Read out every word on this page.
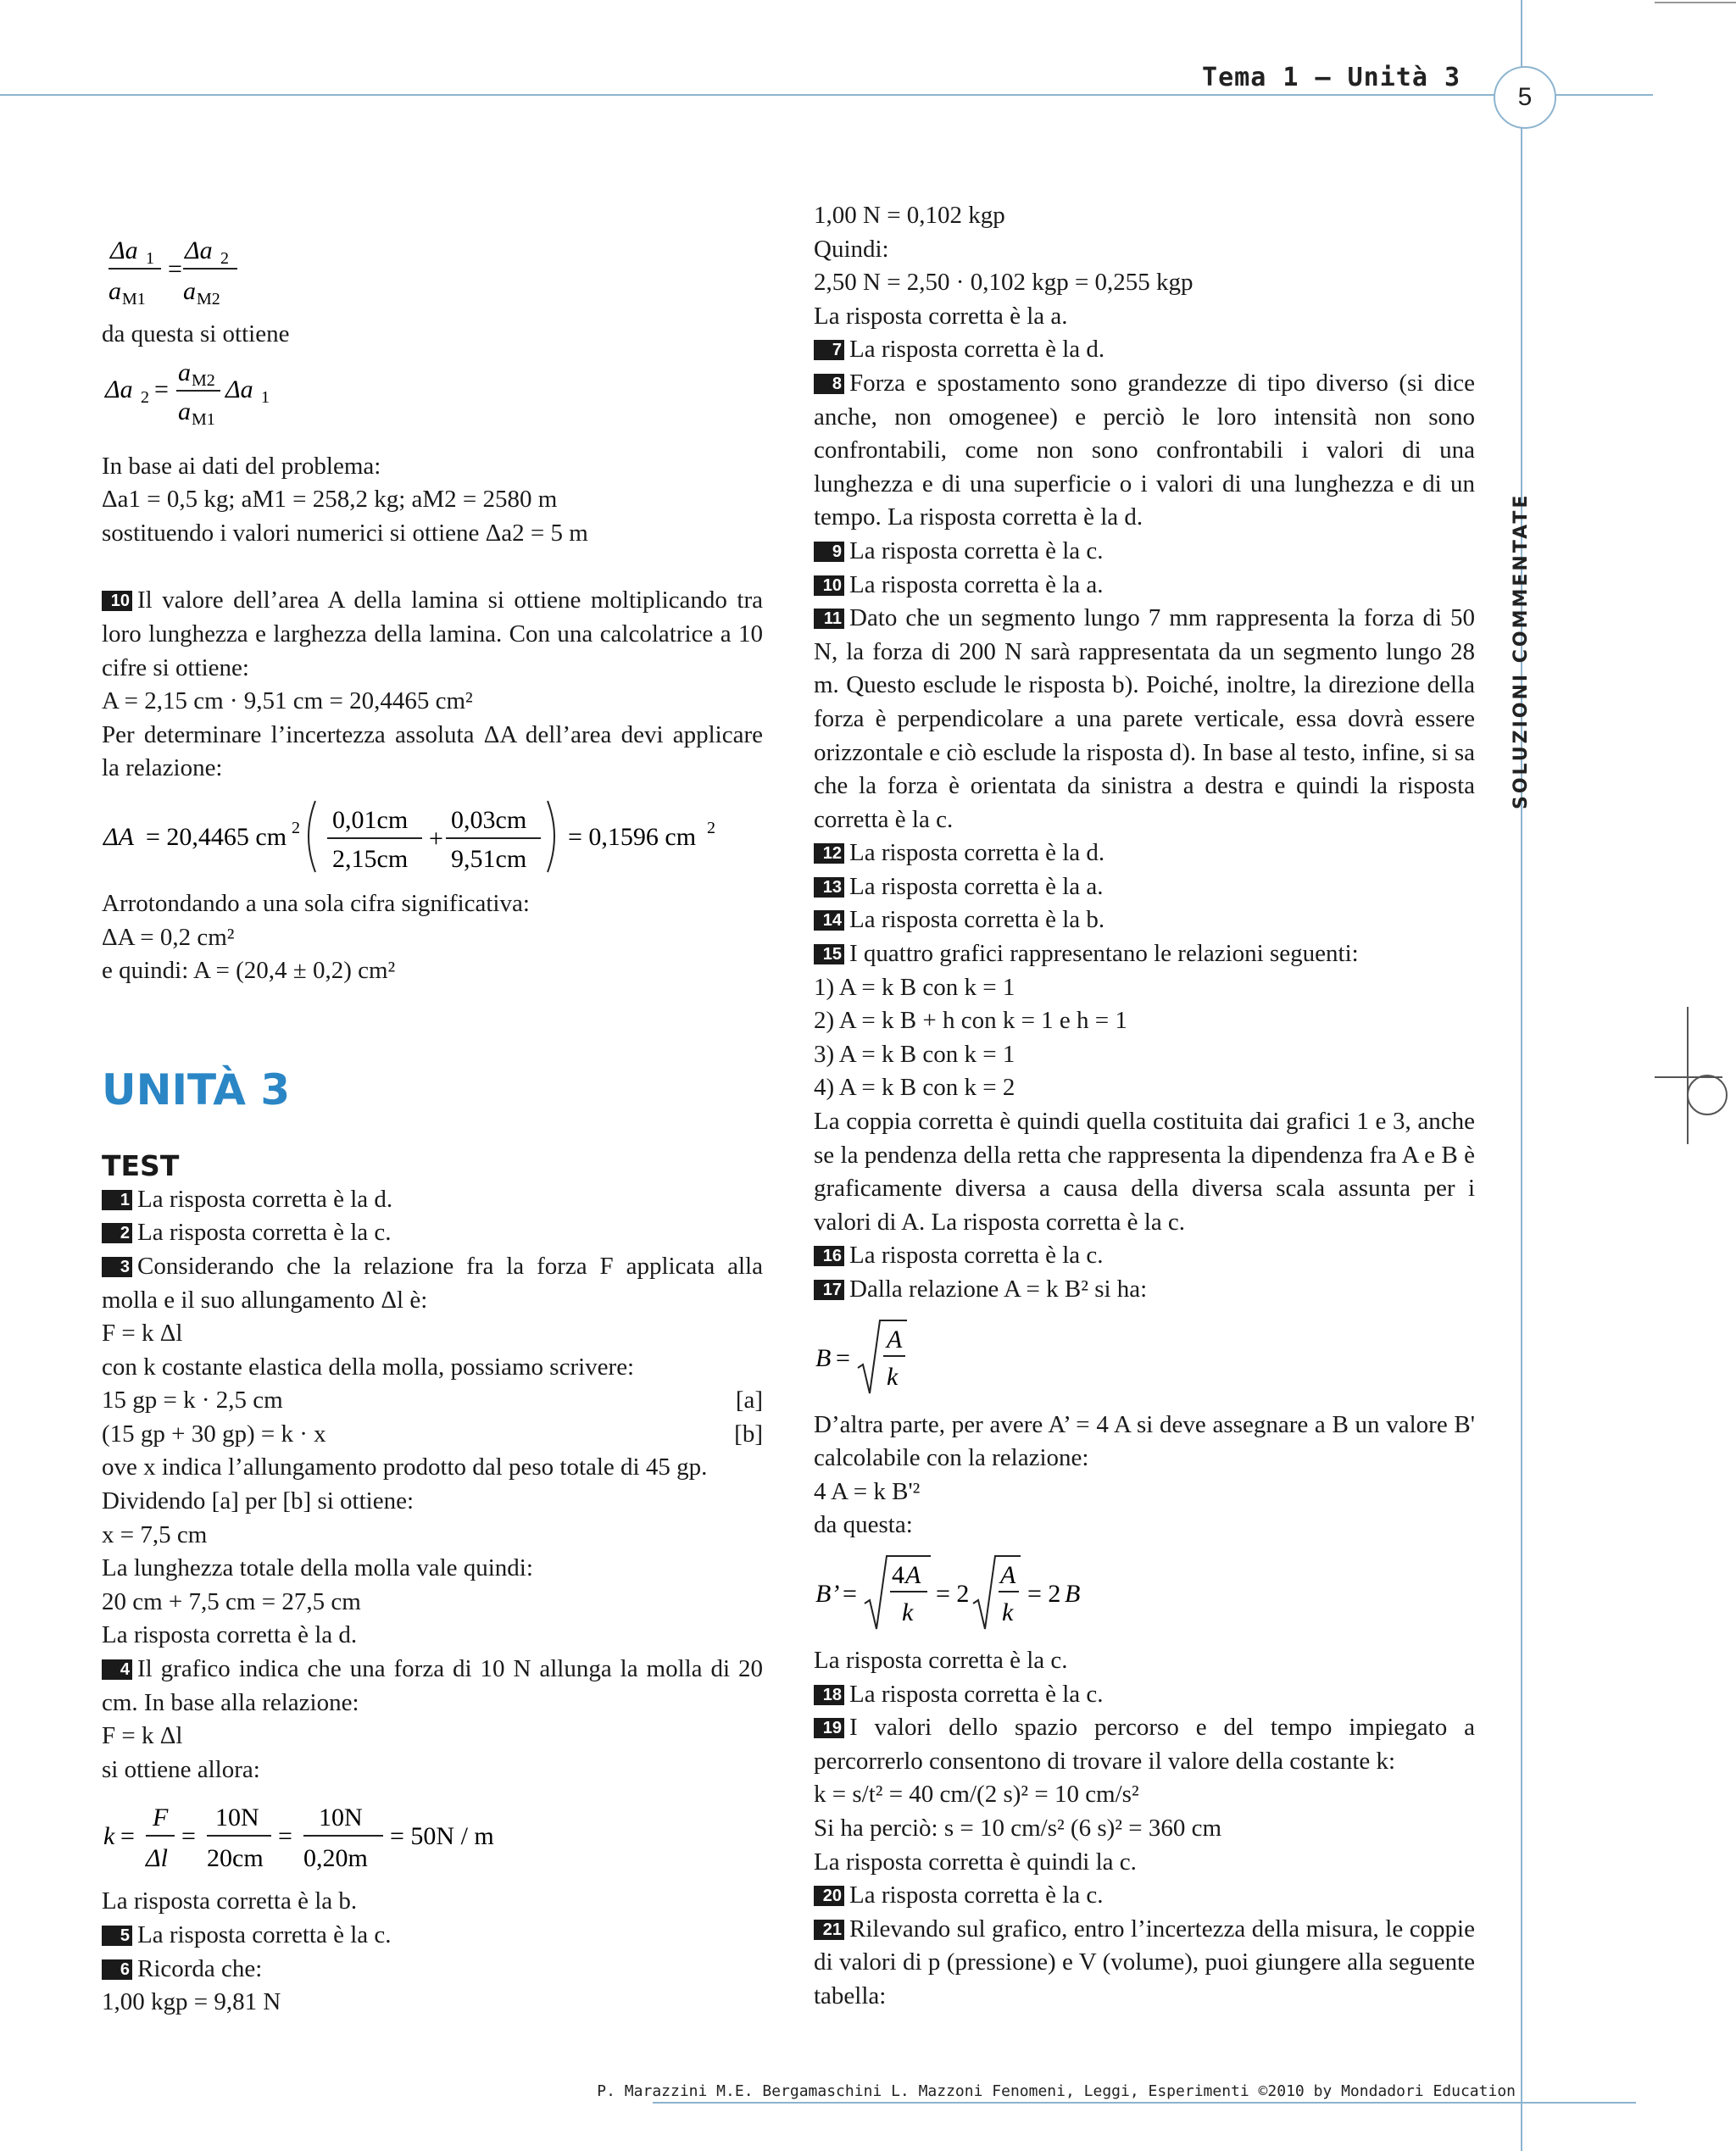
Tema 1 – Unità 3
5
SOLUZIONI COMMENTATE
Δa 1
a M1
=
Δa 2
a M2

da questa si ottiene

Δa 2 =
a M2
a M1
Δa 1

In base ai dati del problema:

Δa1 = 0,5 kg; aM1 = 258,2 kg; aM2 = 2580 m

sostituendo i valori numerici si ottiene Δa2 = 5 m

10 Il valore dell’area A della lamina si ottiene moltiplicando tra loro lunghezza e larghezza della lamina. Con una calcolatrice a 10 cifre si ottiene:

A = 2,15 cm · 9,51 cm = 20,4465 cm²

Per determinare l’incertezza assoluta ΔA dell’area devi applicare la relazione:

ΔA = 20,4465 cm 2 0,01cm
2,15cm
+
0,03cm
9,51cm
= 0,1596 cm 2

Arrotondando a una sola cifra significativa:

ΔA = 0,2 cm²

e quindi: A = (20,4 ± 0,2) cm²

UNITÀ 3
TEST

1 La risposta corretta è la d.

2 La risposta corretta è la c.

3 Considerando che la relazione fra la forza F applicata alla molla e il suo allungamento Δl è:

F = k Δl

con k costante elastica della molla, possiamo scrivere:

15 gp = k · 2,5 cm	[a]
(15 gp + 30 gp) = k · x	[b]

ove x indica l’allungamento prodotto dal peso totale di 45 gp.

Dividendo [a] per [b] si ottiene:

x = 7,5 cm

La lunghezza totale della molla vale quindi:

20 cm + 7,5 cm = 27,5 cm

La risposta corretta è la d.

4 Il grafico indica che una forza di 10 N allunga la molla di 20 cm. In base alla relazione:

F = k Δl

si ottiene allora:

k =
F
Δl
=
10N
20cm
=
10N
0,20m
= 50N / m

La risposta corretta è la b.

5 La risposta corretta è la c.

6 Ricorda che:

1,00 kgp = 9,81 N

1,00 N = 0,102 kgp

Quindi:

2,50 N = 2,50 · 0,102 kgp = 0,255 kgp

La risposta corretta è la a.

7 La risposta corretta è la d.

8 Forza e spostamento sono grandezze di tipo diverso (si dice anche, non omogenee) e perciò le loro intensità non sono confrontabili, come non sono confrontabili i valori di una lunghezza e di una superficie o i valori di una lunghezza e di un tempo. La risposta corretta è la d.

9 La risposta corretta è la c.

10 La risposta corretta è la a.

11 Dato che un segmento lungo 7 mm rappresenta la forza di 50 N, la forza di 200 N sarà rappresentata da un segmento lungo 28 m. Questo esclude le risposta b). Poiché, inoltre, la direzione della forza è perpendicolare a una parete verticale, essa dovrà essere orizzontale e ciò esclude la risposta d). In base al testo, infine, si sa che la forza è orientata da sinistra a destra e quindi la risposta corretta è la c.

12 La risposta corretta è la d.

13 La risposta corretta è la a.

14 La risposta corretta è la b.

15 I quattro grafici rappresentano le relazioni seguenti:

1) A = k B con k = 1

2) A = k B + h con k = 1 e h = 1

3) A = k B con k = 1

4) A = k B con k = 2

La coppia corretta è quindi quella costituita dai grafici 1 e 3, anche se la pendenza della retta che rappresenta la dipendenza fra A e B è graficamente diversa a causa della diversa scala assunta per i valori di A. La risposta corretta è la c.

16 La risposta corretta è la c.

17 Dalla relazione A = k B² si ha:

B =
A
k

D’altra parte, per avere A’ = 4 A si deve assegnare a B un valore B' calcolabile con la relazione:

4 A = k B'²

da questa:

B’ =
4 A
k
= 2
A
k
= 2 B

La risposta corretta è la c.

18 La risposta corretta è la c.

19 I valori dello spazio percorso e del tempo impiegato a percorrerlo consentono di trovare il valore della costante k:

k = s/t² = 40 cm/(2 s)² = 10 cm/s²

Si ha perciò: s = 10 cm/s² (6 s)² = 360 cm

La risposta corretta è quindi la c.

20 La risposta corretta è la c.

21 Rilevando sul grafico, entro l’incertezza della misura, le coppie di valori di p (pressione) e V (volume), puoi giungere alla seguente tabella:

P. Marazzini M.E. Bergamaschini L. Mazzoni Fenomeni, Leggi, Esperimenti ©2010 by Mondadori Education
